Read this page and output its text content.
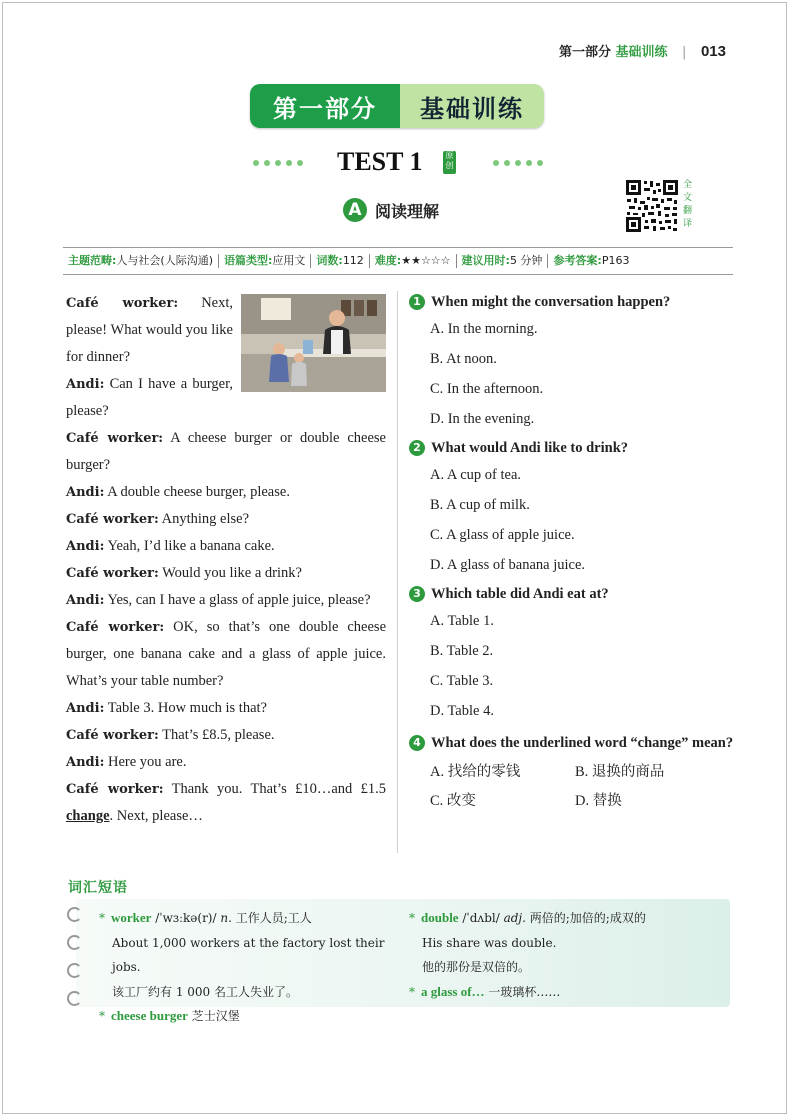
第一部分 基础训练 | 013
第一部分	基础训练
TEST 1	原创
A 阅读理解
全文翻译
主题范畴:人与社会(人际沟通)	语篇类型:应用文	词数:112	难度:★★☆☆☆	建议用时:5 分钟	参考答案:P163

Café worker: Next, please! What would you like for dinner?

Andi: Can I have a burger, please?

Café worker: A cheese burger or double cheese burger?

Andi: A double cheese burger, please.

Café worker: Anything else?

Andi: Yeah, I’d like a banana cake.

Café worker: Would you like a drink?

Andi: Yes, can I have a glass of apple juice, please?

Café worker: OK, so that’s one double cheese burger, one banana cake and a glass of apple juice. What’s your table number?

Andi: Table 3. How much is that?

Café worker: That’s £8.5, please.

Andi: Here you are.

Café worker: Thank you. That’s £10…and £1.5 change. Next, please…

1 When might the conversation happen?

A. In the morning.

B. At noon.

C. In the afternoon.

D. In the evening.

2 What would Andi like to drink?

A. A cup of tea.

B. A cup of milk.

C. A glass of apple juice.

D. A glass of banana juice.

3 Which table did Andi eat at?

A. Table 1.

B. Table 2.

C. Table 3.

D. Table 4.

4 What does the underlined word “change” mean?

A. 找给的零钱	B. 退换的商品
C. 改变	D. 替换
词汇短语
* worker /ˈwɜːkə(r)/ n. 工作人员;工人
About 1,000 workers at the factory lost their jobs.
该工厂约有 1 000 名工人失业了。
* cheese burger 芝士汉堡
* double /ˈdʌbl/ adj. 两倍的;加倍的;成双的
His share was double.
他的那份是双倍的。
* a glass of… 一玻璃杯……
